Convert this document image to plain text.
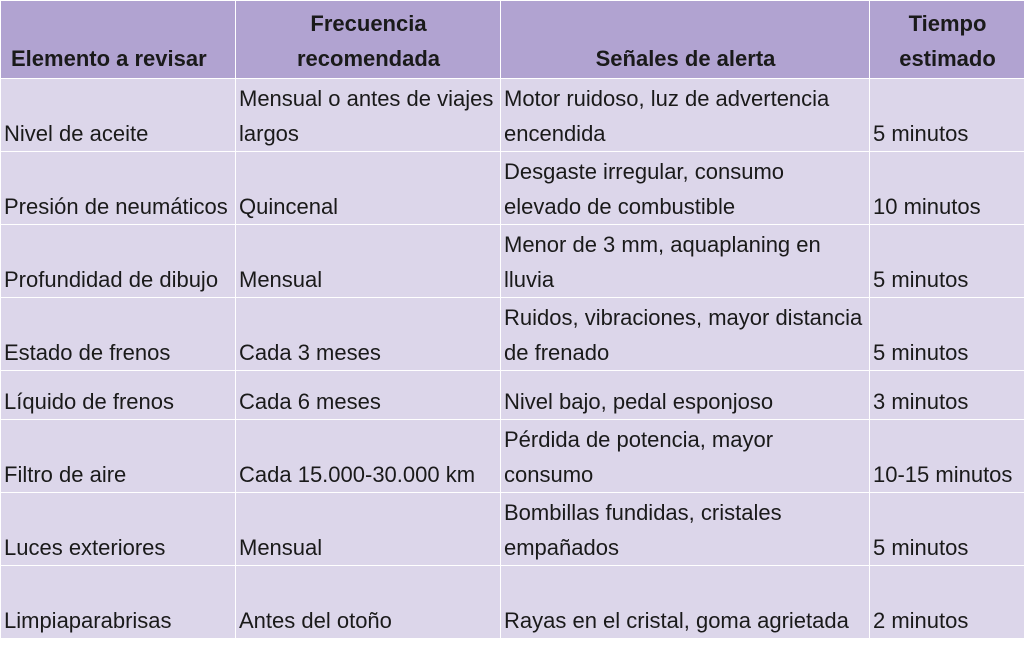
Elemento a revisar	Frecuencia recomendada	Señales de alerta	Tiempo estimado
Nivel de aceite	Mensual o antes de viajes largos	Motor ruidoso, luz de advertencia encendida	5 minutos
Presión de neumáticos	Quincenal	Desgaste irregular, consumo elevado de combustible	10 minutos
Profundidad de dibujo	Mensual	Menor de 3 mm, aquaplaning en lluvia	5 minutos
Estado de frenos	Cada 3 meses	Ruidos, vibraciones, mayor distancia de frenado	5 minutos
Líquido de frenos	Cada 6 meses	Nivel bajo, pedal esponjoso	3 minutos
Filtro de aire	Cada 15.000-30.000 km	Pérdida de potencia, mayor consumo	10-15 minutos
Luces exteriores	Mensual	Bombillas fundidas, cristales empañados	5 minutos
Limpiaparabrisas	Antes del otoño	Rayas en el cristal, goma agrietada	2 minutos
